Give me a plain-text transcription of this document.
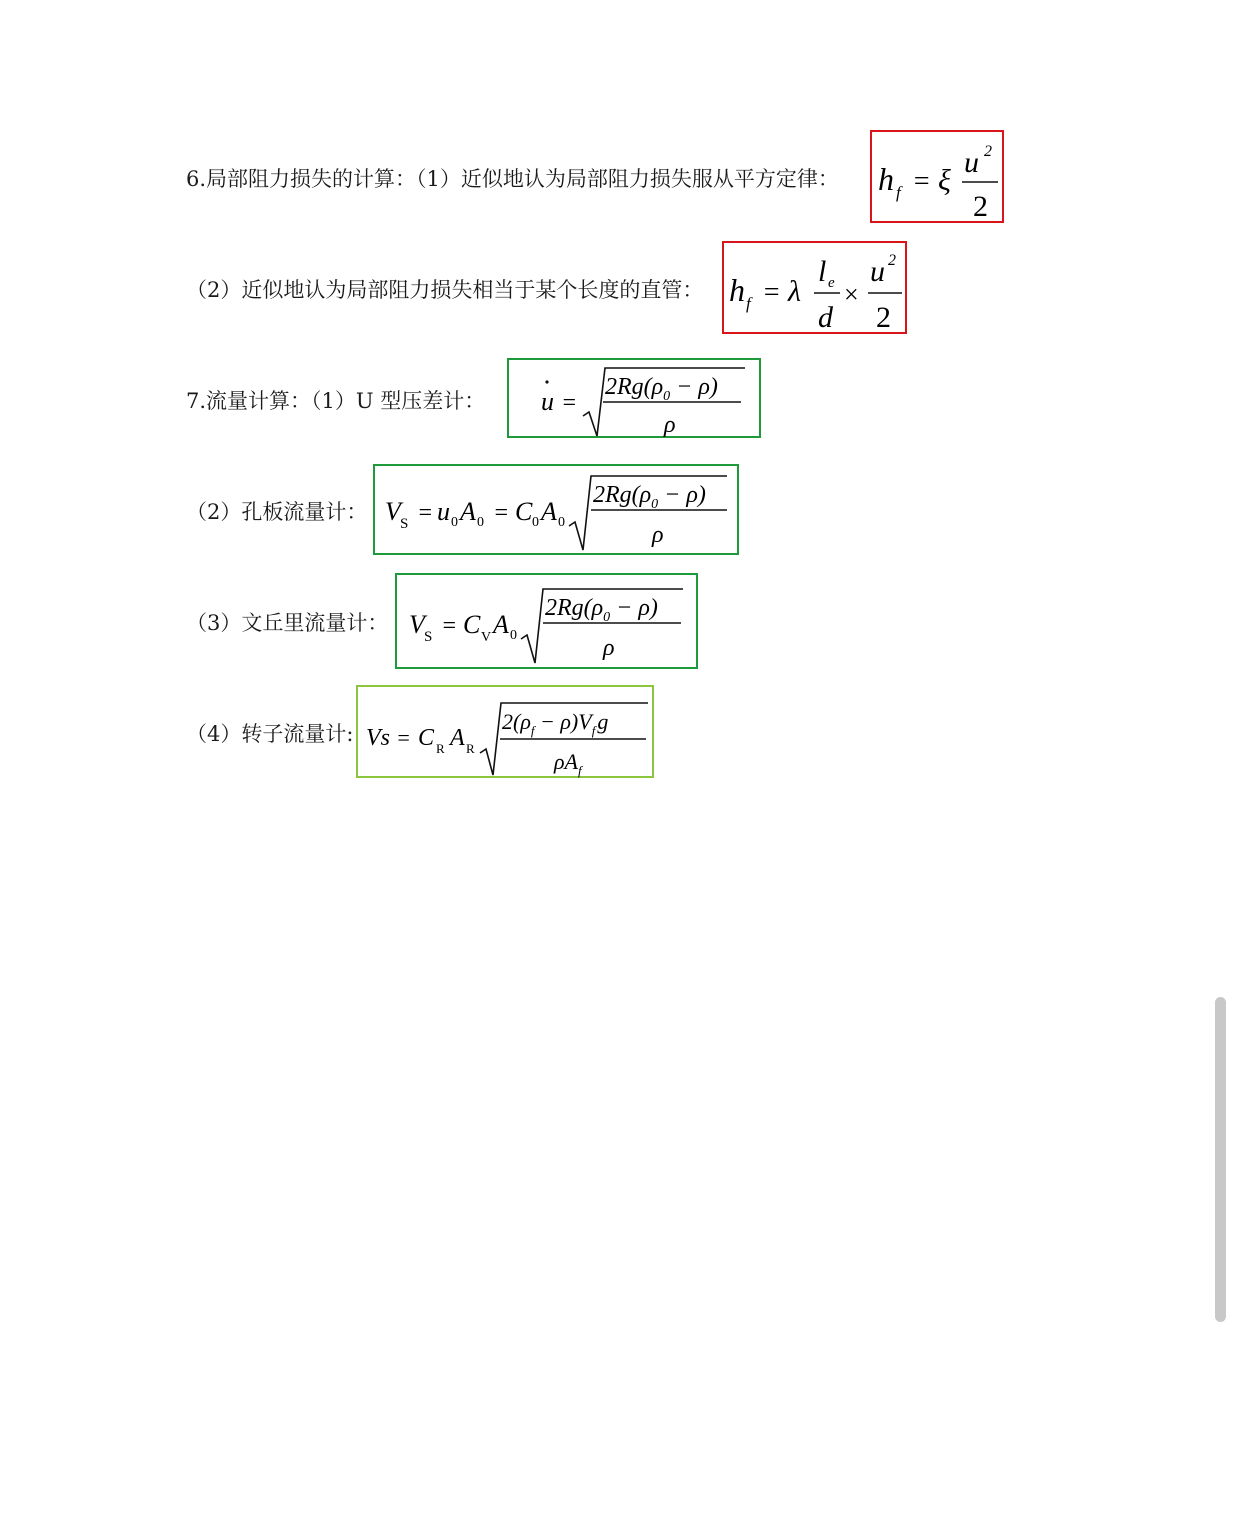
6.局部阻力损失的计算：（1）近似地认为局部阻力损失服从平方定律：
（2）近似地认为局部阻力损失相当于某个长度的直管：
7.流量计算：（1）U 型压差计：
（2）孔板流量计：
（3）文丘里流量计：
（4）转子流量计:
h f = ξ
u 2
2
h f = λ
l e
d
×
u 2
2
u =
$2Rg(\rho_0 - \rho)$
ρ
V S = u 0 A 0 = C 0 A 0
$2Rg(\rho_0 - \rho)$
ρ
V S = C V A 0
$2Rg(\rho_0 - \rho)$
ρ
Vs = C R A R
$2(\rho_f - \rho)V_fg$
$\rho A_f$
